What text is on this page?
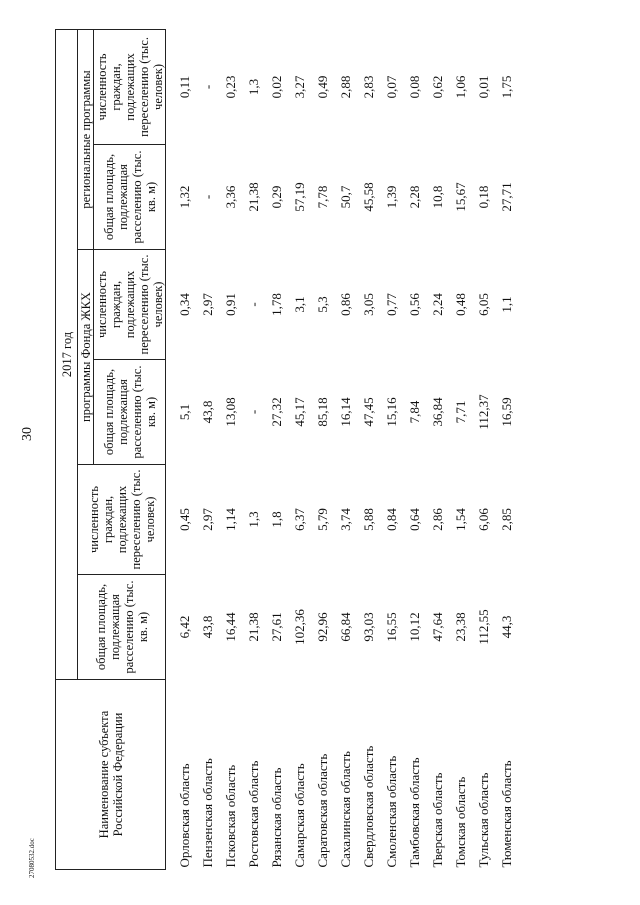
30
27080532.doc
Наименование субъекта Российской Федерации	2017 год					
	общая площадь, подлежащая расселению (тыс. кв. м)	численность граждан, подлежащих переселению (тыс. человек)	программы Фонда ЖКХ		региональные программы	
			общая площадь, подлежащая расселению (тыс. кв. м)	численность граждан, подлежащих переселению (тыс. человек)	общая площадь, подлежащая расселению (тыс. кв. м)	численность граждан, подлежащих переселению (тыс. человек)
Орловская область	6,42	0,45	5,1	0,34	1,32	0,11
Пензенская область	43,8	2,97	43,8	2,97	-	-
Псковская область	16,44	1,14	13,08	0,91	3,36	0,23
Ростовская область	21,38	1,3	-	-	21,38	1,3
Рязанская область	27,61	1,8	27,32	1,78	0,29	0,02
Самарская область	102,36	6,37	45,17	3,1	57,19	3,27
Саратовская область	92,96	5,79	85,18	5,3	7,78	0,49
Сахалинская область	66,84	3,74	16,14	0,86	50,7	2,88
Свердловская область	93,03	5,88	47,45	3,05	45,58	2,83
Смоленская область	16,55	0,84	15,16	0,77	1,39	0,07
Тамбовская область	10,12	0,64	7,84	0,56	2,28	0,08
Тверская область	47,64	2,86	36,84	2,24	10,8	0,62
Томская область	23,38	1,54	7,71	0,48	15,67	1,06
Тульская область	112,55	6,06	112,37	6,05	0,18	0,01
Тюменская область	44,3	2,85	16,59	1,1	27,71	1,75
